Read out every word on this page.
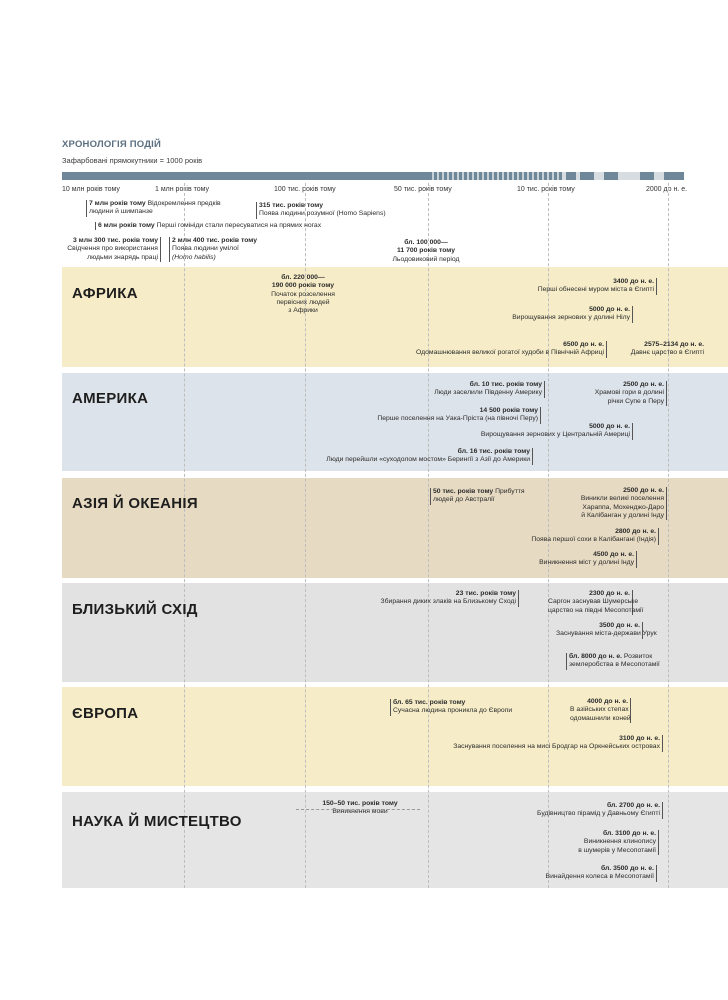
ХРОНОЛОГІЯ ПОДІЙ
Зафарбовані прямокутники = 1000 років
10 млн років тому	1 млн років тому	100 тис. років тому	50 тис. років тому	10 тис. років тому	2000 до н. е.
7 млн років тому Відокремлення предків
людини й шимпанзе
6 млн років тому Перші гомініди стали пересуватися на прямих ногах
3 млн 300 тис. років тому
Свідчення про використання
людьми знарядь праці
2 млн 400 тис. років тому
Поява людини умілої
(Homo habilis)
315 тис. років тому
Поява людини розумної (Homo Sapiens)
бл. 100 000—
11 700 років тому
Льодовиковий період
АФРИКА
бл. 220 000—
190 000 років тому
Початок розселення
первісних людей
з Африки
3400 до н. е.
Перші обнесені муром міста в Єгипті
5000 до н. е.
Вирощування зернових у долині Нілу
6500 до н. е.
Одомашнювання великої рогатої худоби в Північній Африці
2575–2134 до н. е.
Давнє царство в Єгипті
АМЕРИКА
бл. 10 тис. років тому
Люди заселили Південну Америку
2500 до н. е.
Храмові гори в долині
річки Супе в Перу
14 500 років тому
Перше поселення на Уака-Пріста (на півночі Перу)
5000 до н. е.
Вирощування зернових у Центральній Америці
бл. 16 тис. років тому
Люди перейшли «суходолом мостом» Берингії з Азії до Америки
АЗІЯ Й ОКЕАНІЯ
50 тис. років тому Прибуття
людей до Австралії
2500 до н. е.
Виникли великі поселення
Хараппа, Мохенджо-Даро
й Калібанган у долині Інду
2800 до н. е.
Поява першої сохи в Калібангані (Індія)
4500 до н. е.
Виникнення міст у долині Інду
БЛИЗЬКИЙ СХІД
23 тис. років тому
Збирання диких злаків на Близькому Сході
2300 до н. е.
Саргон заснував Шумерське
царство на півдні Месопотамії
3500 до н. е.
Заснування міста-держави Урук
бл. 8000 до н. е. Розвиток
землеробства в Месопотамії
ЄВРОПА
бл. 65 тис. років тому
Сучасна людина проникла до Європи
4000 до н. е.
В азійських степах
одомашнили коней
3100 до н. е.
Заснування поселення на мисі Бродгар на Оркнейських островах
НАУКА Й МИСТЕЦТВО
150–50 тис. років тому
Виникнення мови
бл. 2700 до н. е.
Будівництво пірамід у Давньому Єгипті
бл. 3100 до н. е.
Виникнення клинопису
в шумерів у Месопотамії
бл. 3500 до н. е.
Винайдення колеса в Месопотамії
